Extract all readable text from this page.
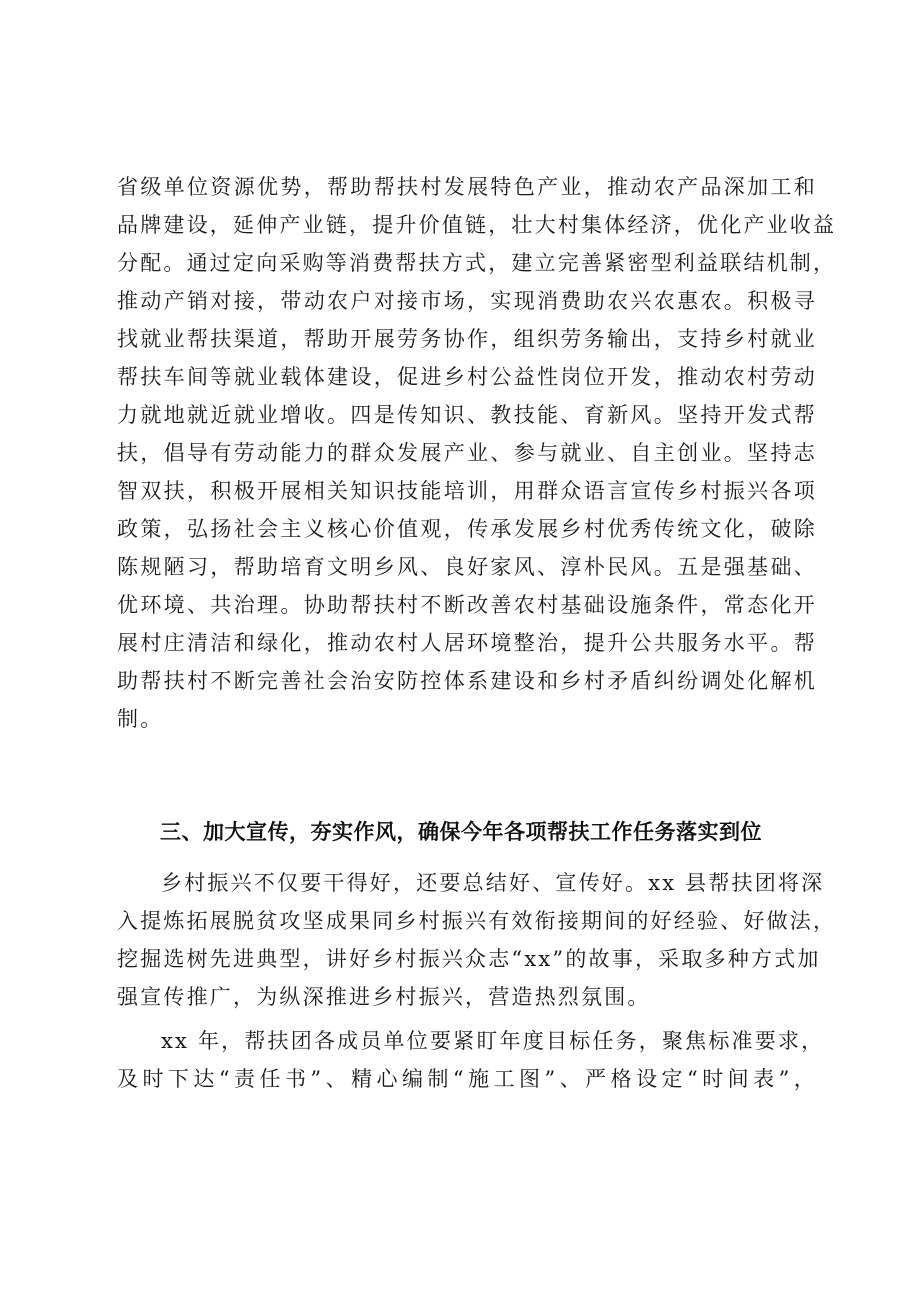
省级单位资源优势，帮助帮扶村发展特色产业，推动农产品深加工和
品牌建设，延伸产业链，提升价值链，壮大村集体经济，优化产业收益
分配。通过定向采购等消费帮扶方式，建立完善紧密型利益联结机制，
推动产销对接，带动农户对接市场，实现消费助农兴农惠农。积极寻
找就业帮扶渠道，帮助开展劳务协作，组织劳务输出，支持乡村就业
帮扶车间等就业载体建设，促进乡村公益性岗位开发，推动农村劳动
力就地就近就业增收。四是传知识、教技能、育新风。坚持开发式帮
扶，倡导有劳动能力的群众发展产业、参与就业、自主创业。坚持志
智双扶，积极开展相关知识技能培训，用群众语言宣传乡村振兴各项
政策，弘扬社会主义核心价值观，传承发展乡村优秀传统文化，破除
陈规陋习，帮助培育文明乡风、良好家风、淳朴民风。五是强基础、
优环境、共治理。协助帮扶村不断改善农村基础设施条件，常态化开
展村庄清洁和绿化，推动农村人居环境整治，提升公共服务水平。帮
助帮扶村不断完善社会治安防控体系建设和乡村矛盾纠纷调处化解机
制。
三、加大宣传，夯实作风，确保今年各项帮扶工作任务落实到位
乡村振兴不仅要干得好，还要总结好、宣传好。xx 县帮扶团将深
入提炼拓展脱贫攻坚成果同乡村振兴有效衔接期间的好经验、好做法，
挖掘选树先进典型，讲好乡村振兴众志“xx”的故事，采取多种方式加
强宣传推广，为纵深推进乡村振兴，营造热烈氛围。
xx 年，帮扶团各成员单位要紧盯年度目标任务，聚焦标准要求，
及时下达“责任书”、精心编制“施工图”、严格设定“时间表”，
